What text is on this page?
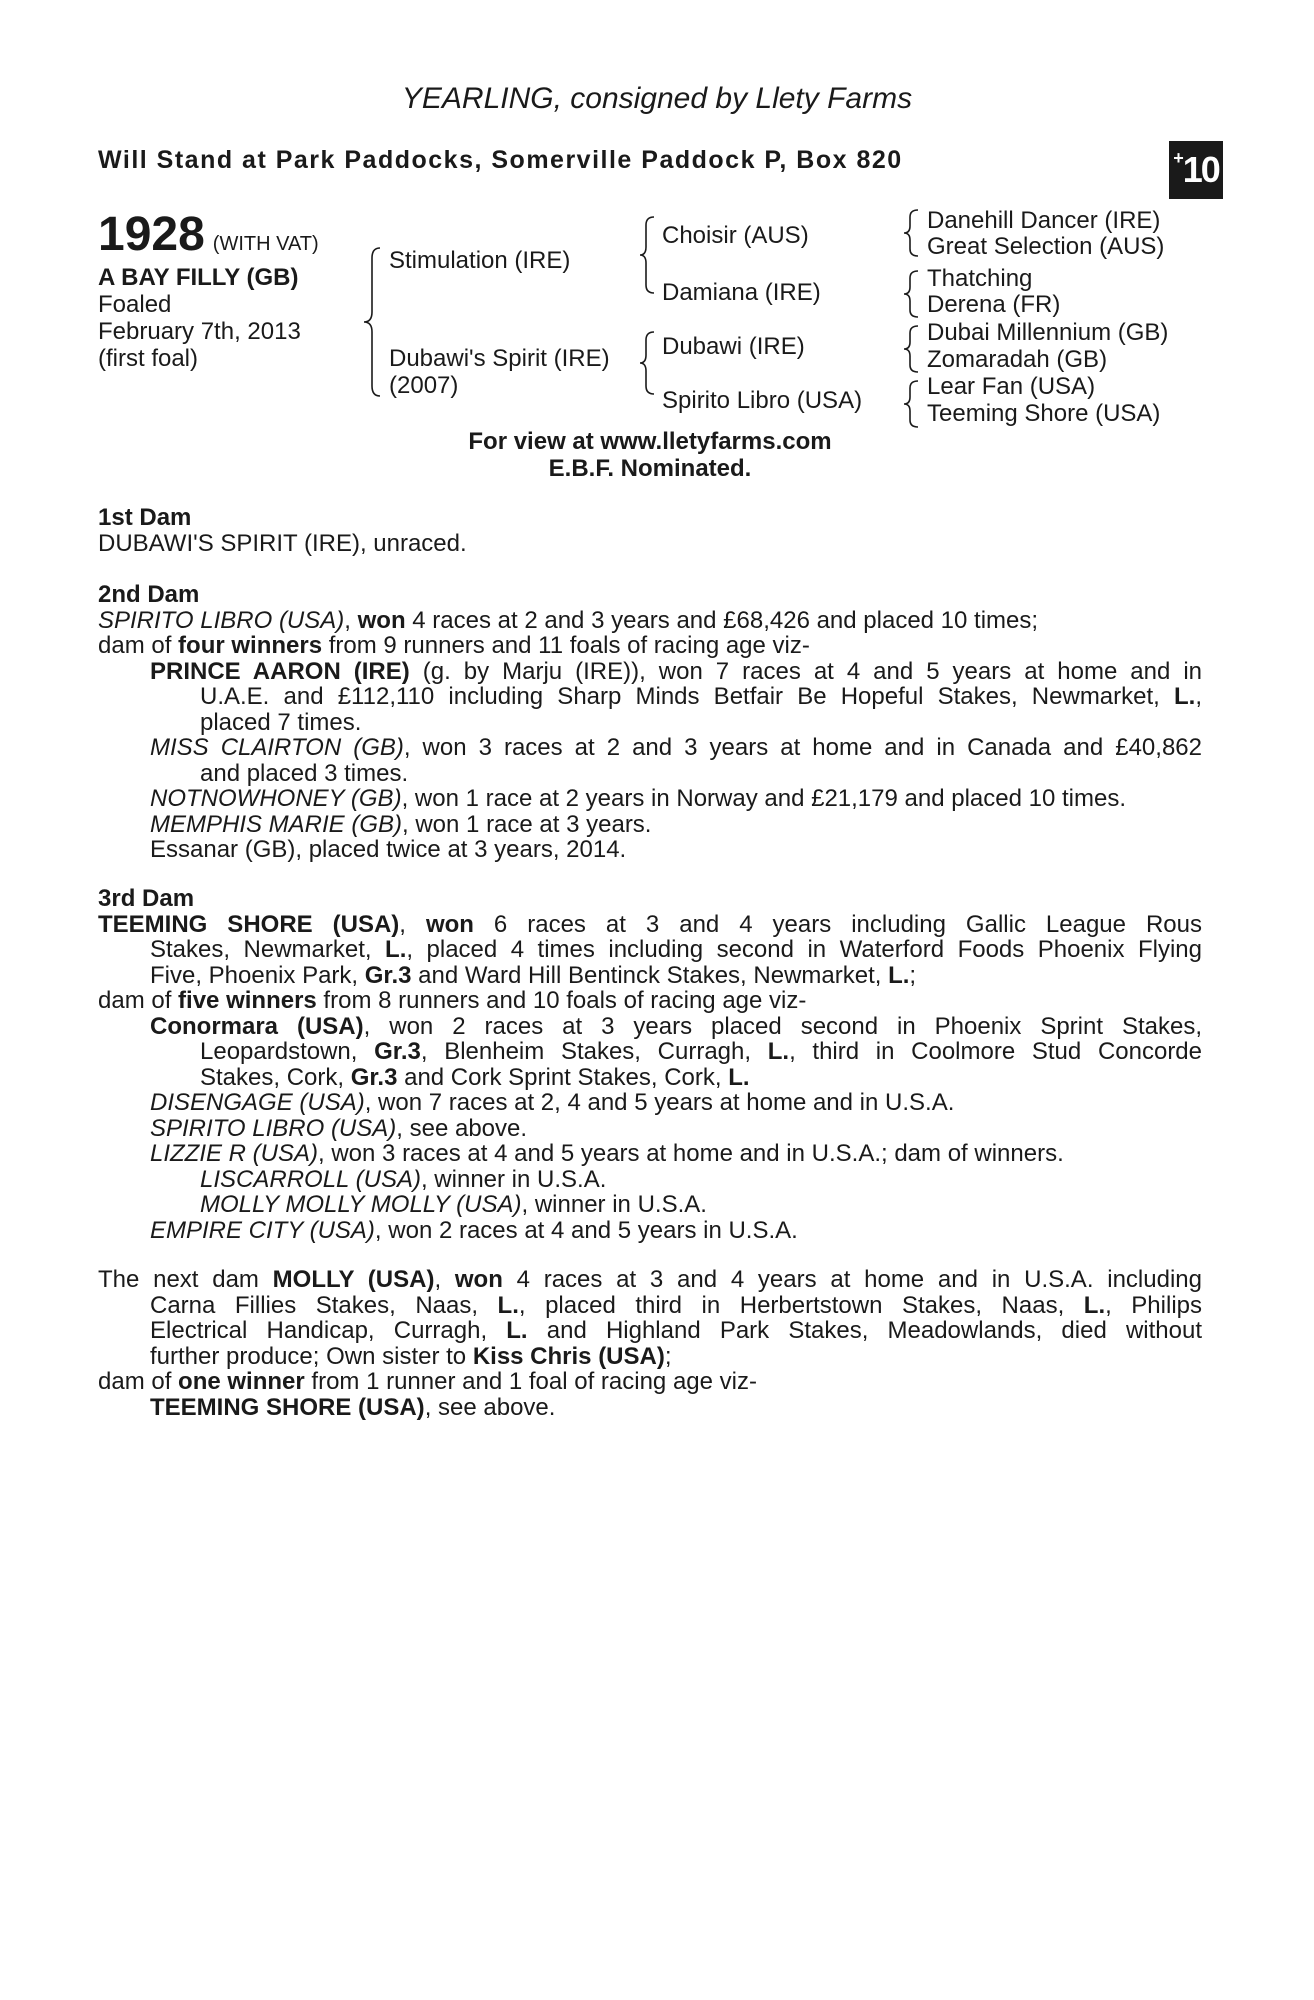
YEARLING, consigned by Llety Farms
Will Stand at Park Paddocks, Somerville Paddock P, Box 820	+10
1928 (WITH VAT)
A BAY FILLY (GB)
Foaled
February 7th, 2013
(first foal)
Stimulation (IRE)
Dubawi's Spirit (IRE)
(2007)
Choisir (AUS)
Damiana (IRE)
Dubawi (IRE)
Spirito Libro (USA)
Danehill Dancer (IRE)
Great Selection (AUS)
Thatching
Derena (FR)
Dubai Millennium (GB)
Zomaradah (GB)
Lear Fan (USA)
Teeming Shore (USA)
For view at www.lletyfarms.com
E.B.F. Nominated.
1st Dam
DUBAWI'S SPIRIT (IRE), unraced.
2nd Dam
SPIRITO LIBRO (USA), won 4 races at 2 and 3 years and £68,426 and placed 10 times;
dam of four winners from 9 runners and 11 foals of racing age viz-
PRINCE AARON (IRE) (g. by Marju (IRE)), won 7 races at 4 and 5 years at home and in
U.A.E. and £112,110 including Sharp Minds Betfair Be Hopeful Stakes, Newmarket, L.,
placed 7 times.
MISS CLAIRTON (GB), won 3 races at 2 and 3 years at home and in Canada and £40,862
and placed 3 times.
NOTNOWHONEY (GB), won 1 race at 2 years in Norway and £21,179 and placed 10 times.
MEMPHIS MARIE (GB), won 1 race at 3 years.
Essanar (GB), placed twice at 3 years, 2014.
3rd Dam
TEEMING SHORE (USA), won 6 races at 3 and 4 years including Gallic League Rous
Stakes, Newmarket, L., placed 4 times including second in Waterford Foods Phoenix Flying
Five, Phoenix Park, Gr.3 and Ward Hill Bentinck Stakes, Newmarket, L.;
dam of five winners from 8 runners and 10 foals of racing age viz-
Conormara (USA), won 2 races at 3 years placed second in Phoenix Sprint Stakes,
Leopardstown, Gr.3, Blenheim Stakes, Curragh, L., third in Coolmore Stud Concorde
Stakes, Cork, Gr.3 and Cork Sprint Stakes, Cork, L.
DISENGAGE (USA), won 7 races at 2, 4 and 5 years at home and in U.S.A.
SPIRITO LIBRO (USA), see above.
LIZZIE R (USA), won 3 races at 4 and 5 years at home and in U.S.A.; dam of winners.
LISCARROLL (USA), winner in U.S.A.
MOLLY MOLLY MOLLY (USA), winner in U.S.A.
EMPIRE CITY (USA), won 2 races at 4 and 5 years in U.S.A.
The next dam MOLLY (USA), won 4 races at 3 and 4 years at home and in U.S.A. including
Carna Fillies Stakes, Naas, L., placed third in Herbertstown Stakes, Naas, L., Philips
Electrical Handicap, Curragh, L. and Highland Park Stakes, Meadowlands, died without
further produce; Own sister to Kiss Chris (USA);
dam of one winner from 1 runner and 1 foal of racing age viz-
TEEMING SHORE (USA), see above.
